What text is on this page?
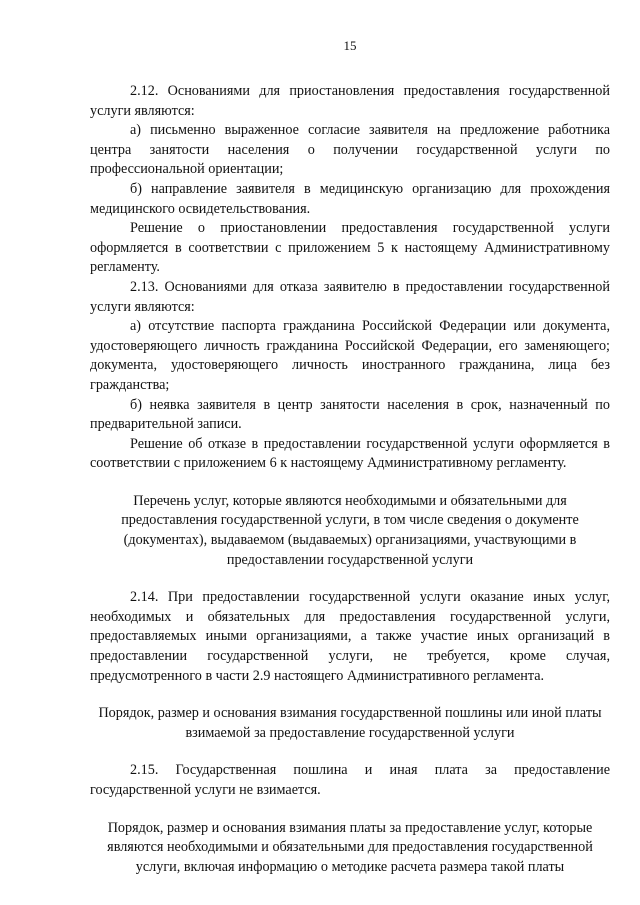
15

2.12. Основаниями для приостановления предоставления государственной услуги являются:

а) письменно выраженное согласие заявителя на предложение работника центра занятости населения о получении государственной услуги по профессиональной ориентации;

б) направление заявителя в медицинскую организацию для прохождения медицинского освидетельствования.

Решение о приостановлении предоставления государственной услуги оформляется в соответствии с приложением 5 к настоящему Административному регламенту.

2.13. Основаниями для отказа заявителю в предоставлении государственной услуги являются:

а) отсутствие паспорта гражданина Российской Федерации или документа, удостоверяющего личность гражданина Российской Федерации, его заменяющего; документа, удостоверяющего личность иностранного гражданина, лица без гражданства;

б) неявка заявителя в центр занятости населения в срок, назначенный по предварительной записи.

Решение об отказе в предоставлении государственной услуги оформляется в соответствии с приложением 6 к настоящему Административному регламенту.

Перечень услуг, которые являются необходимыми и обязательными для предоставления государственной услуги, в том числе сведения о документе (документах), выдаваемом (выдаваемых) организациями, участвующими в предоставлении государственной услуги

2.14. При предоставлении государственной услуги оказание иных услуг, необходимых и обязательных для предоставления государственной услуги, предоставляемых иными организациями, а также участие иных организаций в предоставлении государственной услуги, не требуется, кроме случая, предусмотренного в части 2.9 настоящего Административного регламента.

Порядок, размер и основания взимания государственной пошлины или иной платы взимаемой за предоставление государственной услуги

2.15. Государственная пошлина и иная плата за предоставление государственной услуги не взимается.

Порядок, размер и основания взимания платы за предоставление услуг, которые являются необходимыми и обязательными для предоставления государственной услуги, включая информацию о методике расчета размера такой платы
